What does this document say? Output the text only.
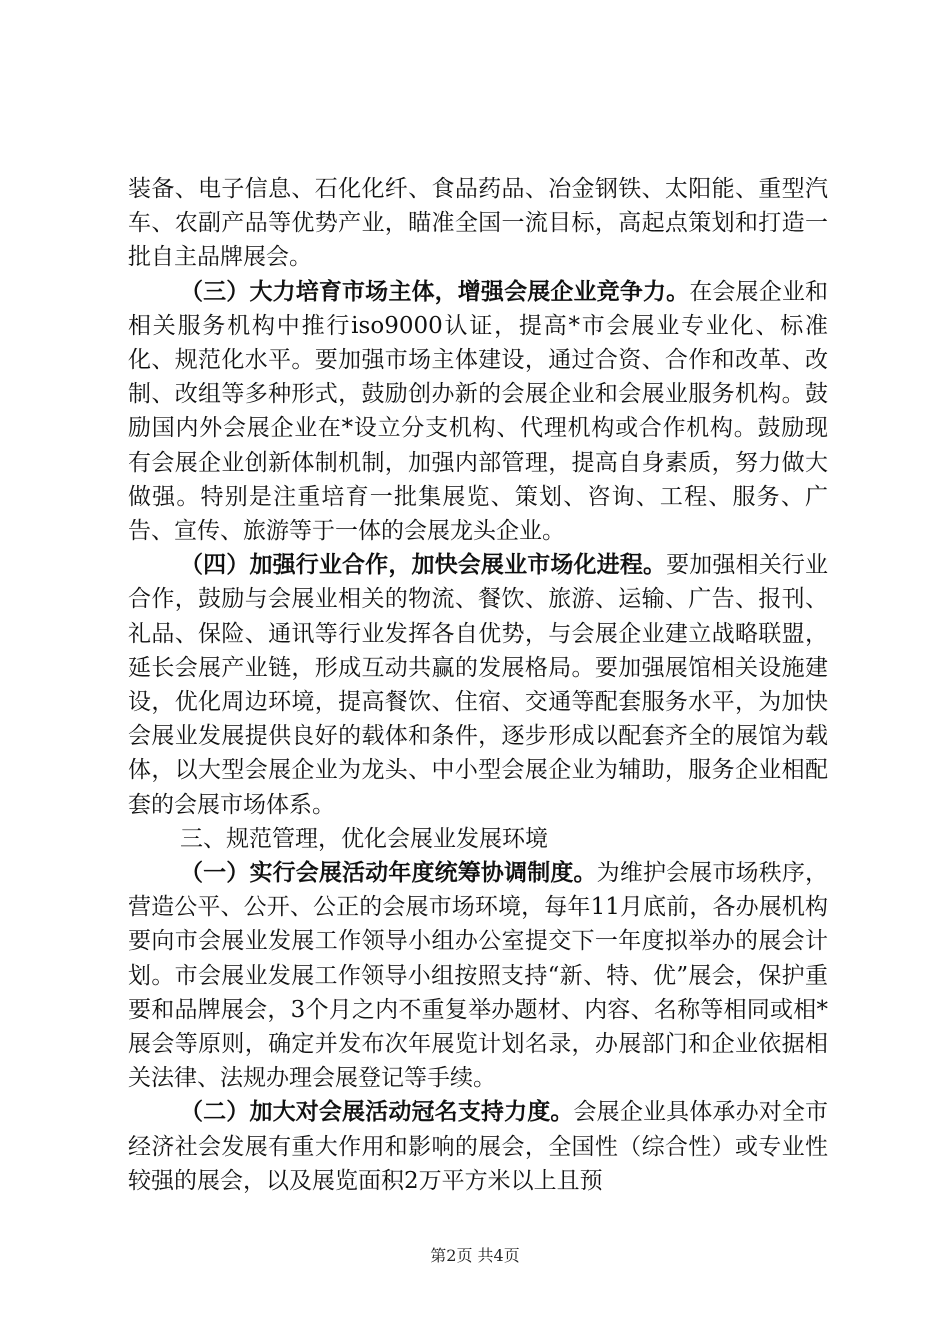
装备、电子信息、石化化纤、食品药品、冶金钢铁、太阳能、重型汽车、农副产品等优势产业，瞄准全国一流目标，高起点策划和打造一批自主品牌展会。

（三）大力培育市场主体，增强会展企业竞争力。在会展企业和相关服务机构中推行iso9000认证，提高*市会展业专业化、标准化、规范化水平。要加强市场主体建设，通过合资、合作和改革、改制、改组等多种形式，鼓励创办新的会展企业和会展业服务机构。鼓励国内外会展企业在*设立分支机构、代理机构或合作机构。鼓励现有会展企业创新体制机制，加强内部管理，提高自身素质，努力做大做强。特别是注重培育一批集展览、策划、咨询、工程、服务、广告、宣传、旅游等于一体的会展龙头企业。

（四）加强行业合作，加快会展业市场化进程。要加强相关行业合作，鼓励与会展业相关的物流、餐饮、旅游、运输、广告、报刊、礼品、保险、通讯等行业发挥各自优势，与会展企业建立战略联盟，延长会展产业链，形成互动共赢的发展格局。要加强展馆相关设施建设，优化周边环境，提高餐饮、住宿、交通等配套服务水平，为加快会展业发展提供良好的载体和条件，逐步形成以配套齐全的展馆为载体，以大型会展企业为龙头、中小型会展企业为辅助，服务企业相配套的会展市场体系。

三、规范管理，优化会展业发展环境

（一）实行会展活动年度统筹协调制度。为维护会展市场秩序，营造公平、公开、公正的会展市场环境，每年11月底前，各办展机构要向市会展业发展工作领导小组办公室提交下一年度拟举办的展会计划。市会展业发展工作领导小组按照支持“新、特、优”展会，保护重要和品牌展会，3个月之内不重复举办题材、内容、名称等相同或相*展会等原则，确定并发布次年展览计划名录，办展部门和企业依据相关法律、法规办理会展登记等手续。

（二）加大对会展活动冠名支持力度。会展企业具体承办对全市经济社会发展有重大作用和影响的展会，全国性（综合性）或专业性较强的展会，以及展览面积2万平方米以上且预

第2页 共4页
